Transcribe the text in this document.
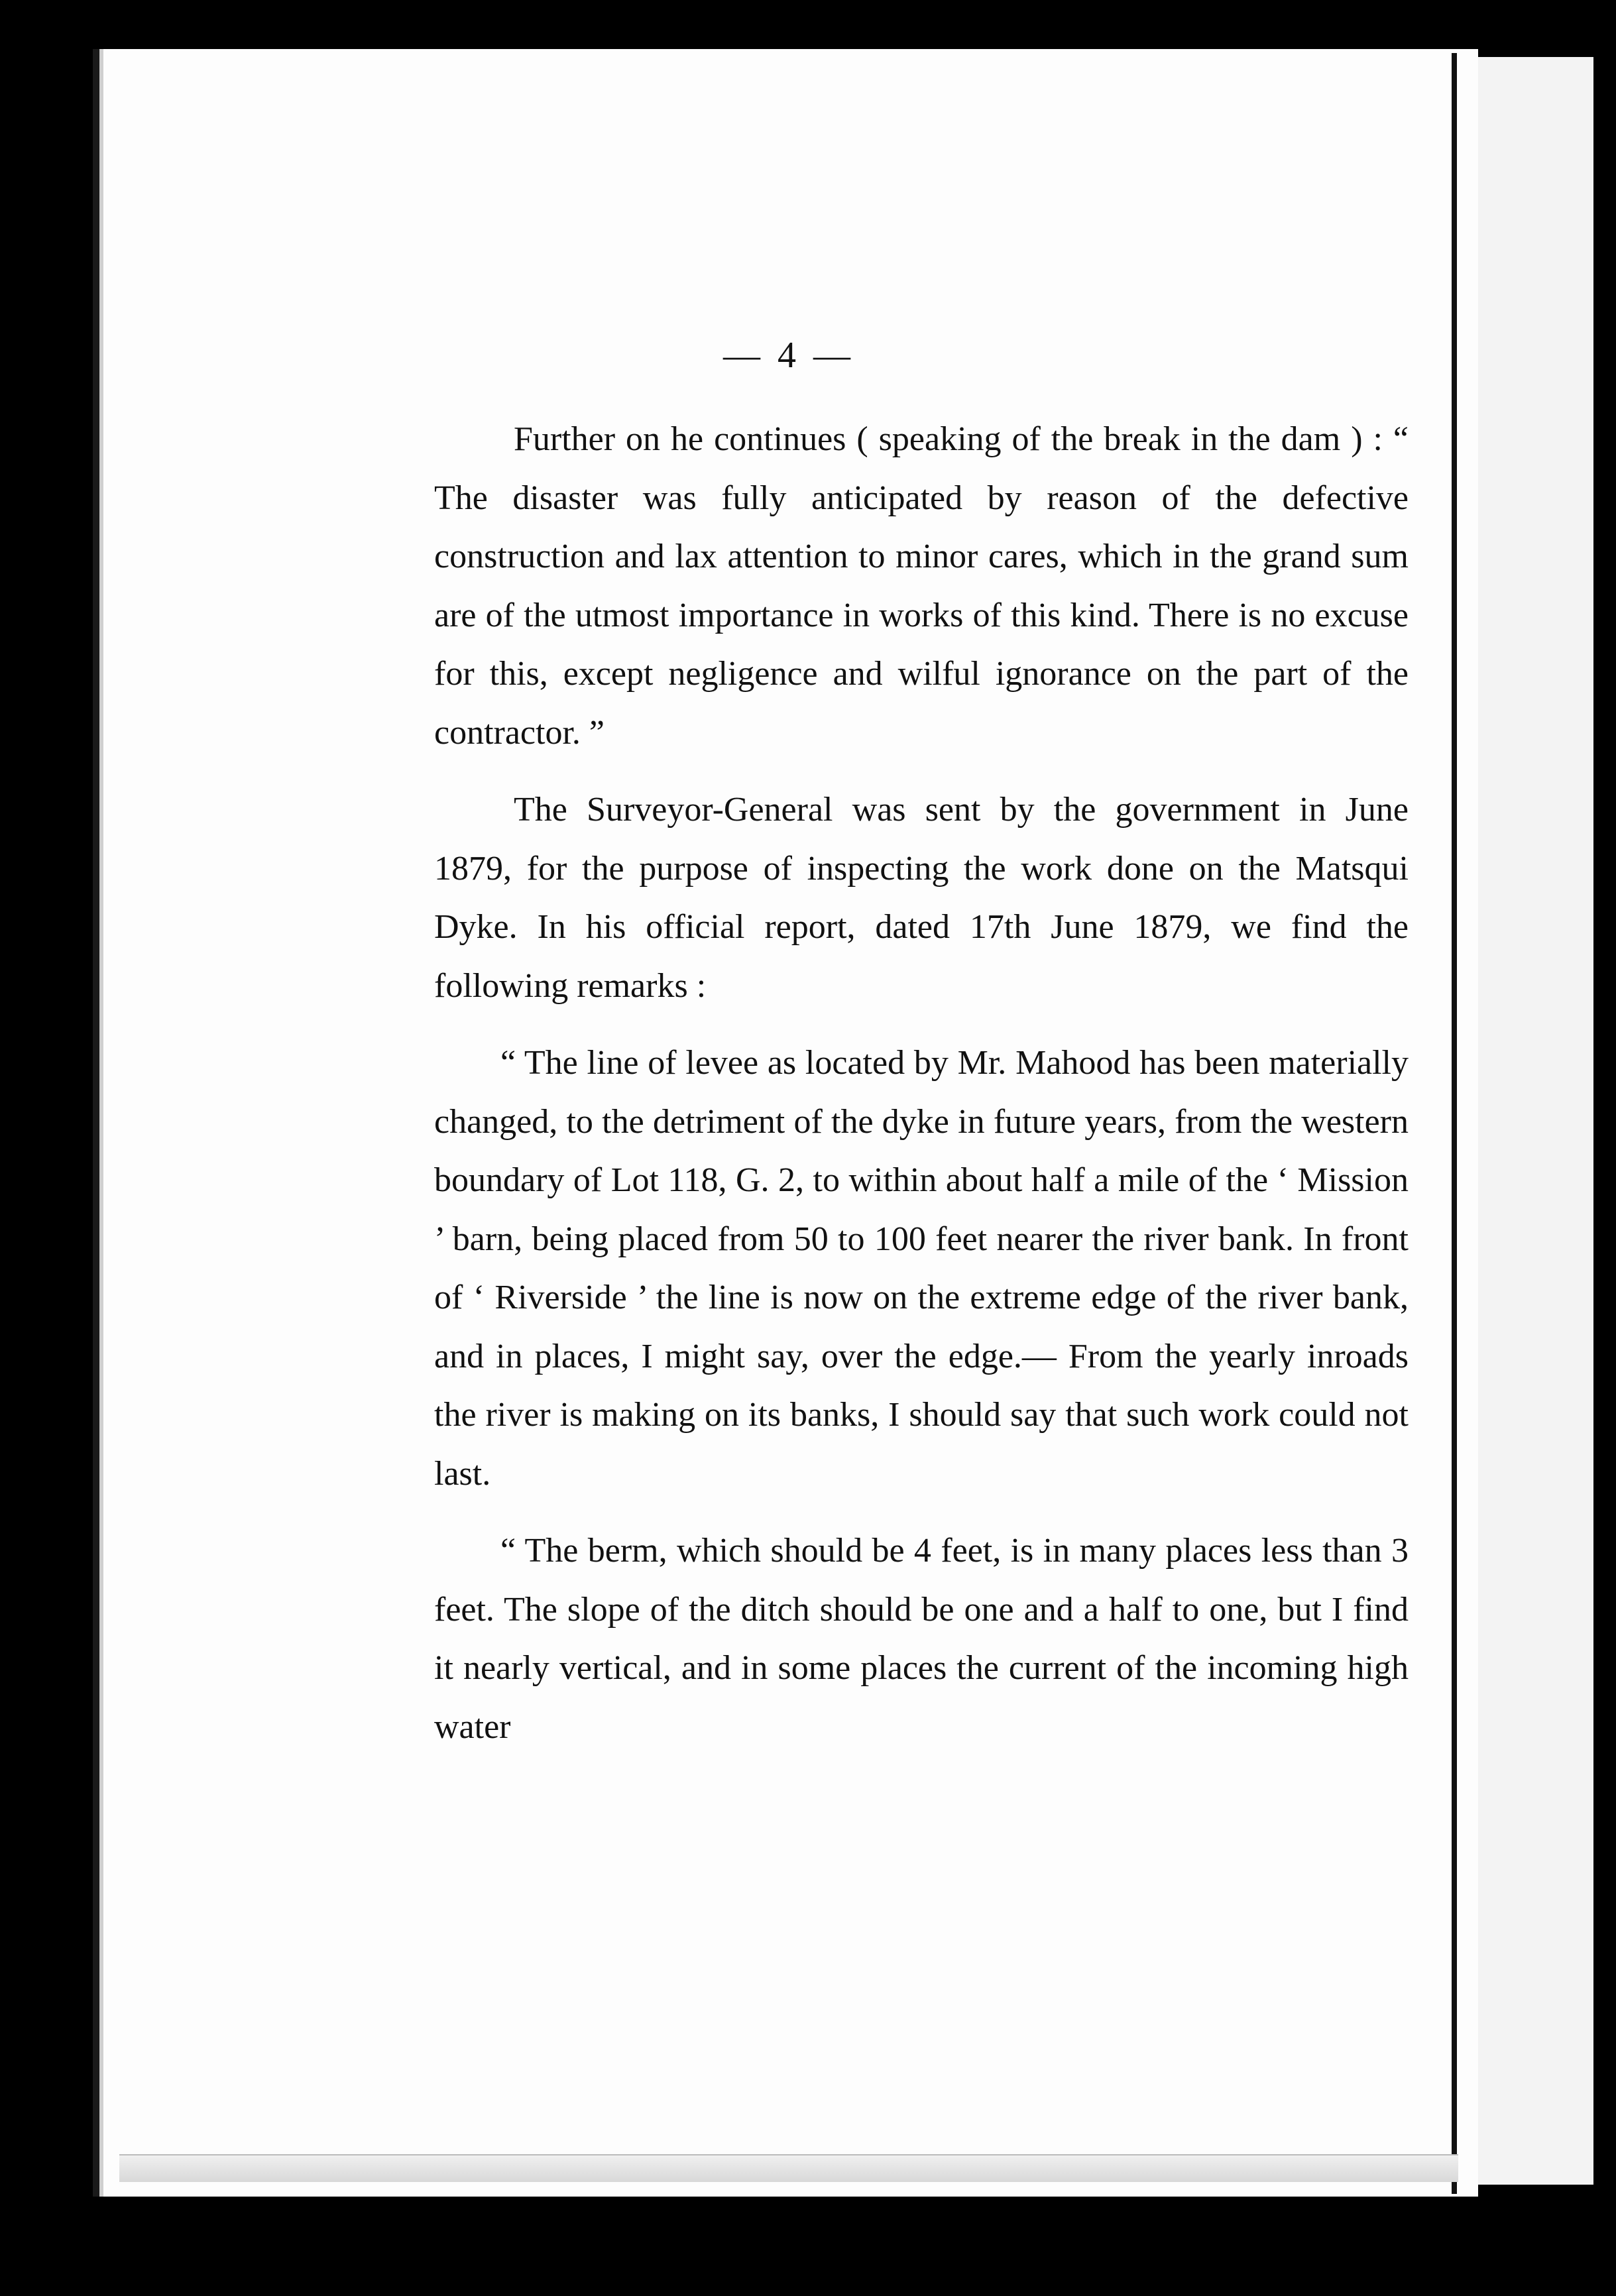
— 4 —

Further on he continues ( speaking of the break in the dam ) : “ The disaster was fully anticipated by reason of the defective construction and lax attention to minor cares, which in the grand sum are of the utmost importance in works of this kind. There is no excuse for this, except negligence and wilful ignorance on the part of the contractor. ”

The Surveyor-General was sent by the government in June 1879, for the purpose of inspecting the work done on the Matsqui Dyke. In his official report, dated 17th June 1879, we find the following remarks :

“ The line of levee as located by Mr. Mahood has been materially changed, to the detriment of the dyke in future years, from the western boundary of Lot 118, G. 2, to within about half a mile of the ‘ Mission ’ barn, being placed from 50 to 100 feet nearer the river bank. In front of ‘ Riverside ’ the line is now on the extreme edge of the river bank, and in places, I might say, over the edge.— From the yearly inroads the river is making on its banks, I should say that such work could not last.

“ The berm, which should be 4 feet, is in many places less than 3 feet. The slope of the ditch should be one and a half to one, but I find it nearly vertical, and in some places the current of the incoming high water
